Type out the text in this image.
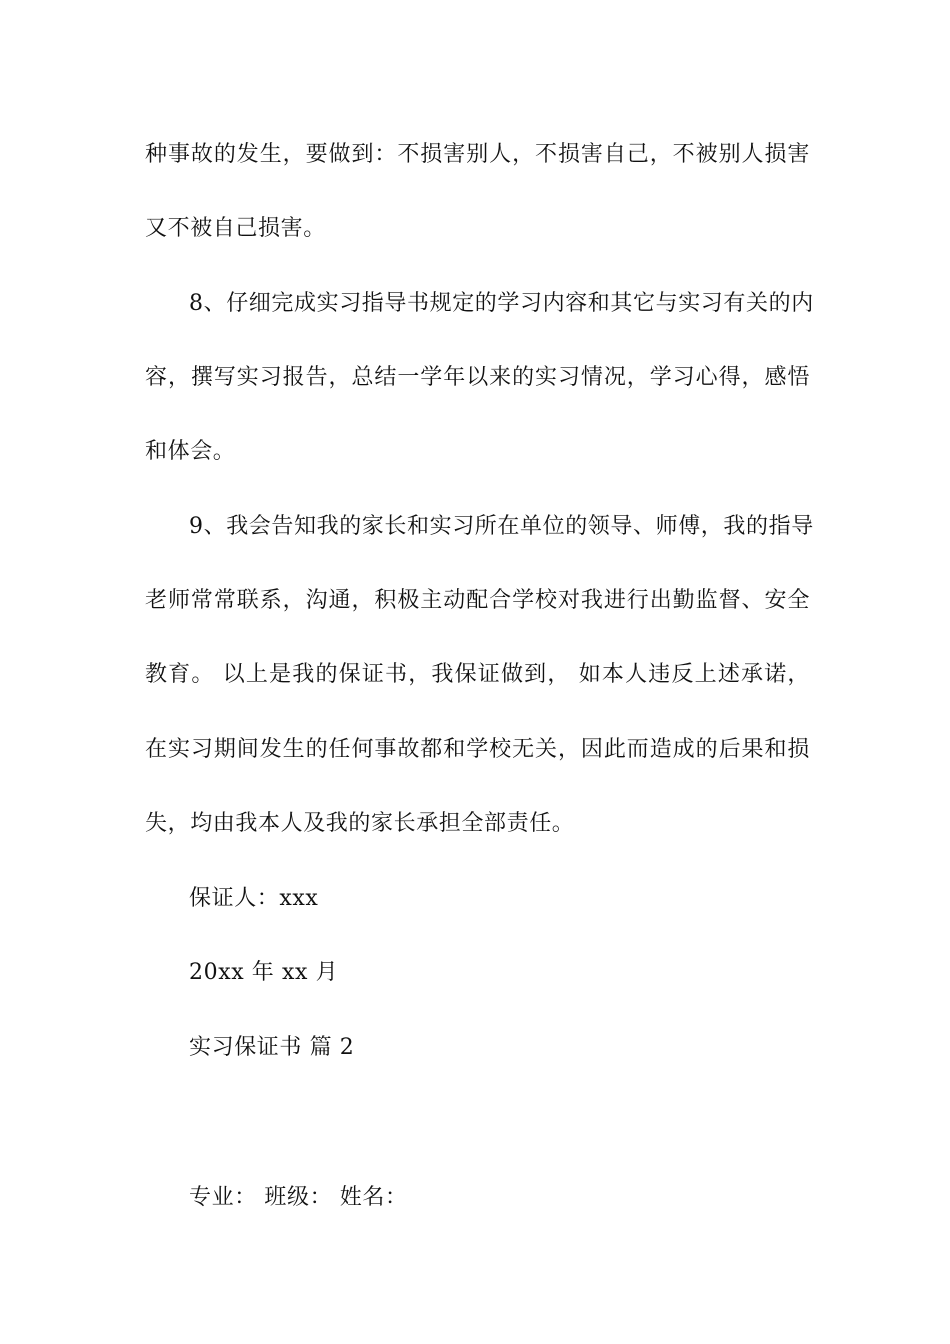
种事故的发生，要做到：不损害别人，不损害自己，不被别人损害
又不被自己损害。
8、仔细完成实习指导书规定的学习内容和其它与实习有关的内
容，撰写实习报告，总结一学年以来的实习情况，学习心得，感悟
和体会。
9、我会告知我的家长和实习所在单位的领导、师傅，我的指导
老师常常联系，沟通，积极主动配合学校对我进行出勤监督、安全
教育。 以上是我的保证书，我保证做到， 如本人违反上述承诺，
在实习期间发生的任何事故都和学校无关，因此而造成的后果和损
失，均由我本人及我的家长承担全部责任。
保证人：xxx
20xx 年 xx 月
实习保证书 篇 2
专业： 班级： 姓名：
